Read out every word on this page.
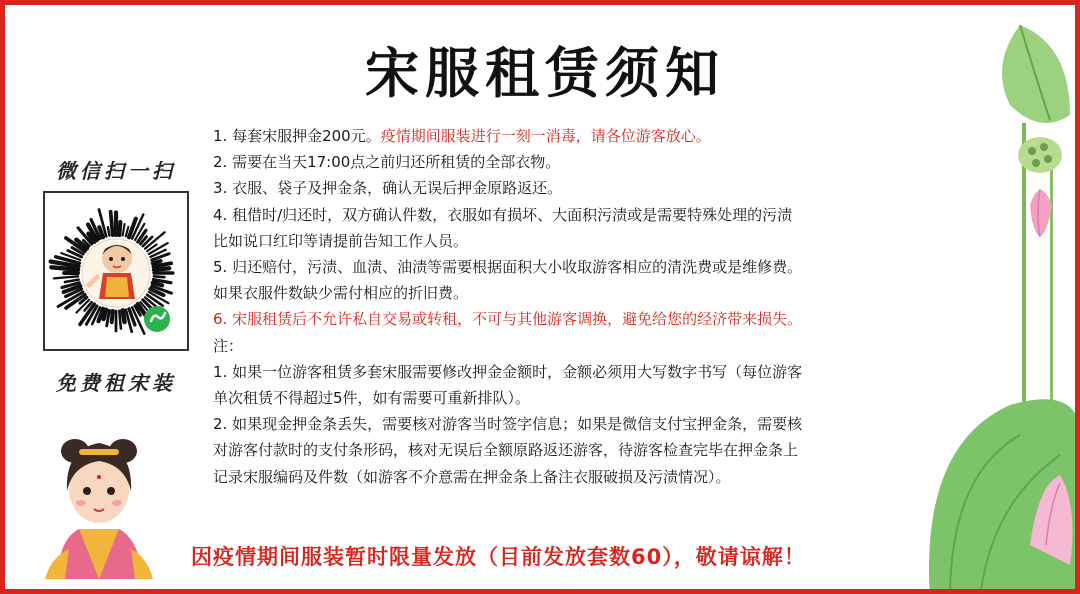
宋服租赁须知
微信扫一扫
免费租宋装

1. 每套宋服押金200元。疫情期间服装进行一刻一消毒，请各位游客放心。

2. 需要在当天17:00点之前归还所租赁的全部衣物。

3. 衣服、袋子及押金条，确认无误后押金原路返还。

4. 租借时/归还时，双方确认件数，衣服如有损坏、大面积污渍或是需要特殊处理的污渍

比如说口红印等请提前告知工作人员。

5. 归还赔付，污渍、血渍、油渍等需要根据面积大小收取游客相应的清洗费或是维修费。

如果衣服件数缺少需付相应的折旧费。

6. 宋服租赁后不允许私自交易或转租，不可与其他游客调换，避免给您的经济带来损失。

注：

1. 如果一位游客租赁多套宋服需要修改押金金额时，金额必须用大写数字书写（每位游客

单次租赁不得超过5件，如有需要可重新排队）。

2. 如果现金押金条丢失，需要核对游客当时签字信息；如果是微信支付宝押金条，需要核

对游客付款时的支付条形码，核对无误后全额原路返还游客，待游客检查完毕在押金条上

记录宋服编码及件数（如游客不介意需在押金条上备注衣服破损及污渍情况）。

因疫情期间服装暂时限量发放（目前发放套数60），敬请谅解！
